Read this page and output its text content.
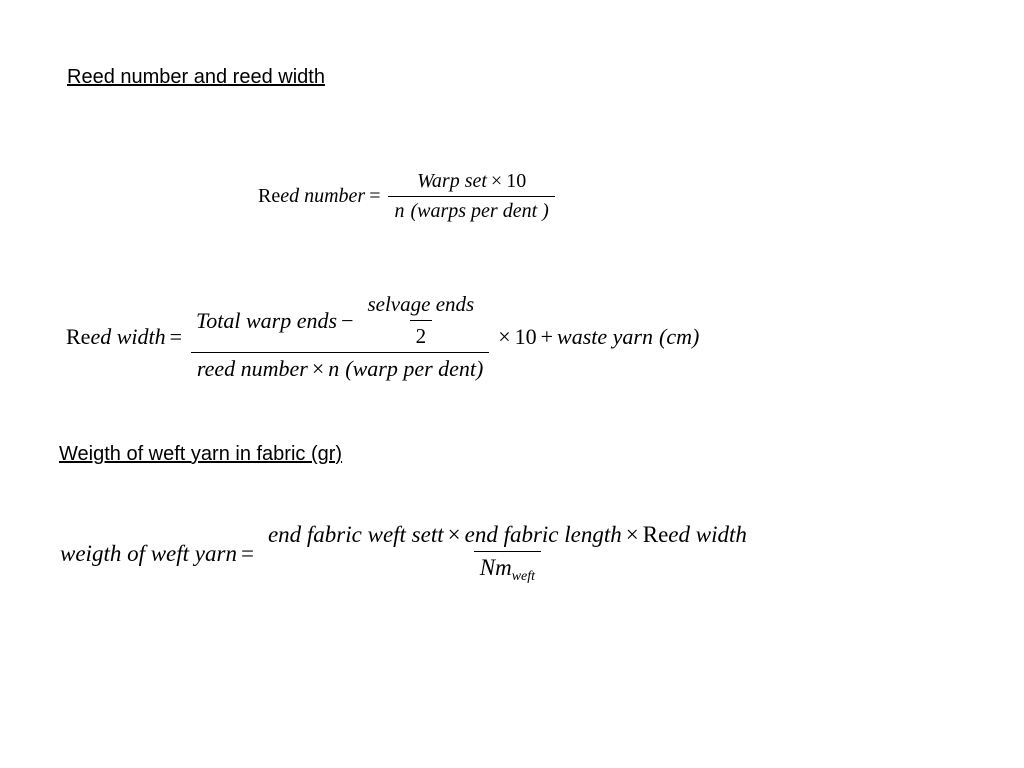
Reed number and reed width
Re ed number = $\frac{\text{Warp set × 10}}{\text{n (warps per dent )}}$
Re ed width =
Total warp ends − $\frac{\text{selvage ends}}{2}$
reed number × n (warp per dent)
× 10 + waste yarn (cm)
Weigth of weft yarn in fabric (gr)
weigth of weft yarn = $\frac{\text{end fabric weft sett × end fabric length × Reed width}}{Nm_{weft}}$
